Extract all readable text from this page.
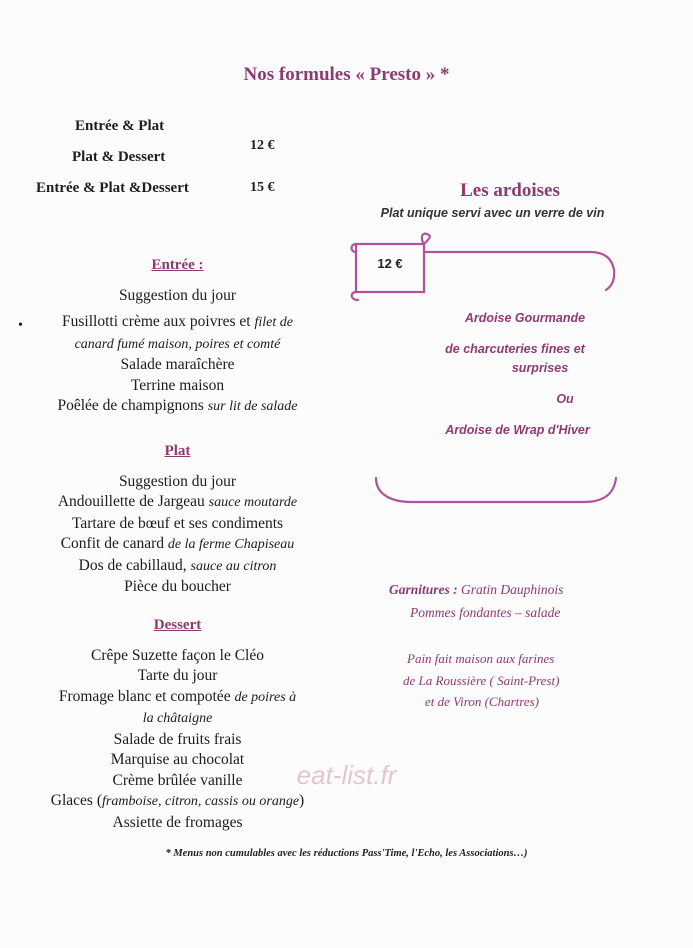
Nos formules « Presto » *
Entrée & Plat
Plat & Dessert
12 €
Entrée & Plat &Dessert	15 €
Entrée :
Suggestion du jour
Fusillotti crème aux poivres et filet de
canard fumé maison, poires et comté
Salade maraîchère
Terrine maison
Poêlée de champignons sur lit de salade
•
Plat
Suggestion du jour
Andouillette de Jargeau sauce moutarde
Tartare de bœuf et ses condiments
Confit de canard de la ferme Chapiseau
Dos de cabillaud, sauce au citron
Pièce du boucher
Dessert
Crêpe Suzette façon le Cléo
Tarte du jour
Fromage blanc et compotée de poires à
la châtaigne
Salade de fruits frais
Marquise au chocolat
Crème brûlée vanille
Glaces (framboise, citron, cassis ou orange)
Assiette de fromages
Les ardoises
Plat unique servi avec un verre de vin
12 €
Ardoise Gourmande
de charcuteries fines et
surprises
Ou
Ardoise de Wrap d'Hiver
Garnitures : Gratin Dauphinois
Pommes fondantes – salade
Pain fait maison aux farines
de La Roussière ( Saint-Prest)
et de Viron (Chartres)
eat-list.fr
* Menus non cumulables avec les réductions Pass'Time, l'Echo, les Associations…)
